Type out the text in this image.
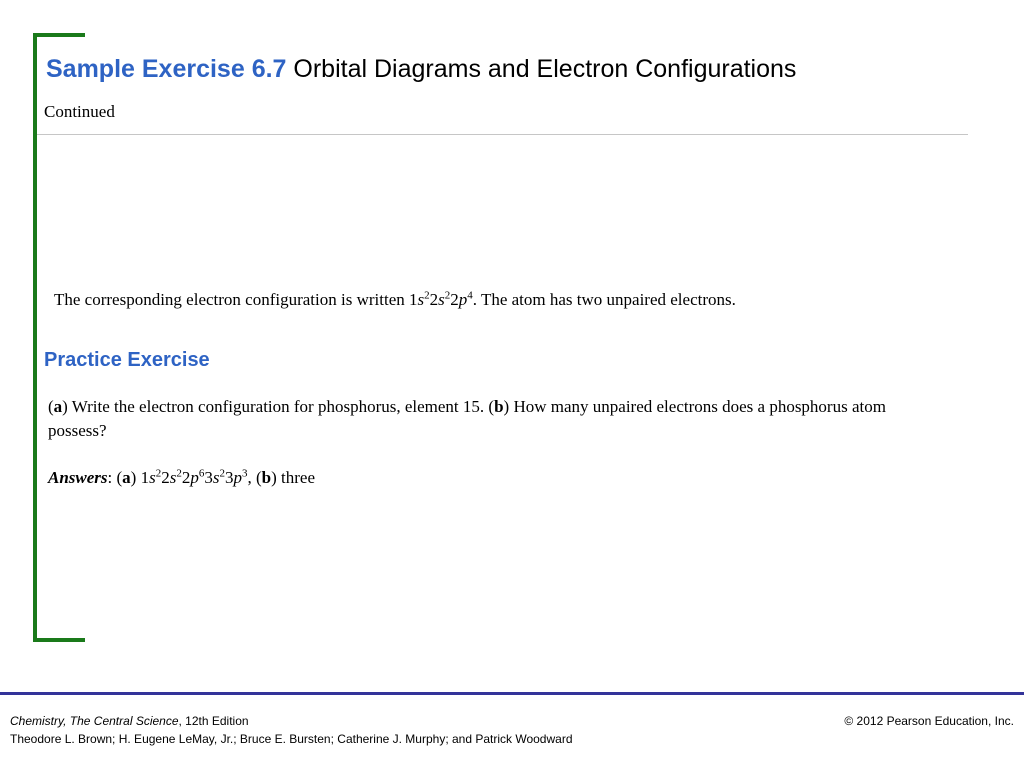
Sample Exercise 6.7 Orbital Diagrams and Electron Configurations
Continued
The corresponding electron configuration is written $1s^22s^22p^4$. The atom has two unpaired electrons.
Practice Exercise
(a) Write the electron configuration for phosphorus, element 15. (b) How many unpaired electrons does a phosphorus atom possess?
Answers: (a) $1s^22s^22p^63s^23p^3$, (b) three
Chemistry, The Central Science, 12th Edition
Theodore L. Brown; H. Eugene LeMay, Jr.; Bruce E. Bursten; Catherine J. Murphy; and Patrick Woodward
© 2012 Pearson Education, Inc.
